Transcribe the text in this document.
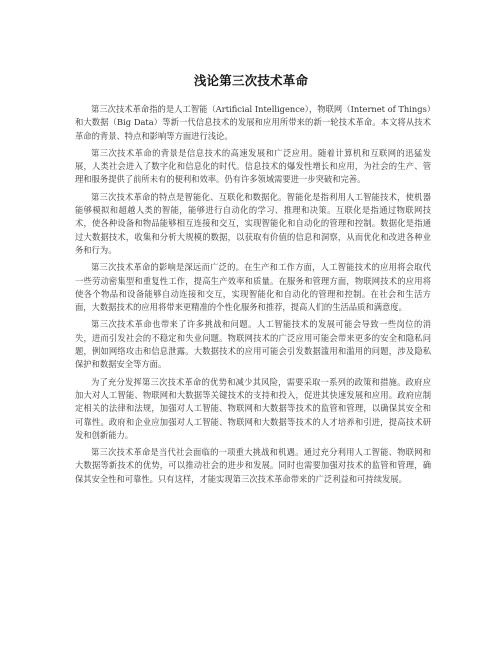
浅论第三次技术革命

第三次技术革命指的是人工智能（Artificial Intelligence），物联网（Internet of Things）和大数据（Big Data）等新一代信息技术的发展和应用所带来的新一轮技术革命。本文将从技术革命的背景、特点和影响等方面进行浅论。

第三次技术革命的背景是信息技术的高速发展和广泛应用。随着计算机和互联网的迅猛发展，人类社会进入了数字化和信息化的时代。信息技术的爆发性增长和应用，为社会的生产、管理和服务提供了前所未有的便利和效率。仍有许多领域需要进一步突破和完善。

第三次技术革命的特点是智能化、互联化和数据化。智能化是指利用人工智能技术，使机器能够模拟和超越人类的智能，能够进行自动化的学习、推理和决策。互联化是指通过物联网技术，使各种设备和物品能够相互连接和交互，实现智能化和自动化的管理和控制。数据化是指通过大数据技术，收集和分析大规模的数据，以获取有价值的信息和洞察，从而优化和改进各种业务和行为。

第三次技术革命的影响是深远而广泛的。在生产和工作方面，人工智能技术的应用将会取代一些劳动密集型和重复性工作，提高生产效率和质量。在服务和管理方面，物联网技术的应用将使各个物品和设备能够自动连接和交互，实现智能化和自动化的管理和控制。在社会和生活方面，大数据技术的应用将带来更精准的个性化服务和推荐，提高人们的生活品质和满意度。

第三次技术革命也带来了许多挑战和问题。人工智能技术的发展可能会导致一些岗位的消失，进而引发社会的不稳定和失业问题。物联网技术的广泛应用可能会带来更多的安全和隐私问题，例如网络攻击和信息泄露。大数据技术的应用可能会引发数据滥用和滥用的问题，涉及隐私保护和数据安全等方面。

为了充分发挥第三次技术革命的优势和减少其风险，需要采取一系列的政策和措施。政府应加大对人工智能、物联网和大数据等关键技术的支持和投入，促进其快速发展和应用。政府应制定相关的法律和法规，加强对人工智能、物联网和大数据等技术的监管和管理，以确保其安全和可靠性。政府和企业应加强对人工智能、物联网和大数据等技术的人才培养和引进，提高技术研发和创新能力。

第三次技术革命是当代社会面临的一项重大挑战和机遇。通过充分利用人工智能、物联网和大数据等新技术的优势，可以推动社会的进步和发展。同时也需要加强对技术的监管和管理，确保其安全性和可靠性。只有这样，才能实现第三次技术革命带来的广泛利益和可持续发展。
